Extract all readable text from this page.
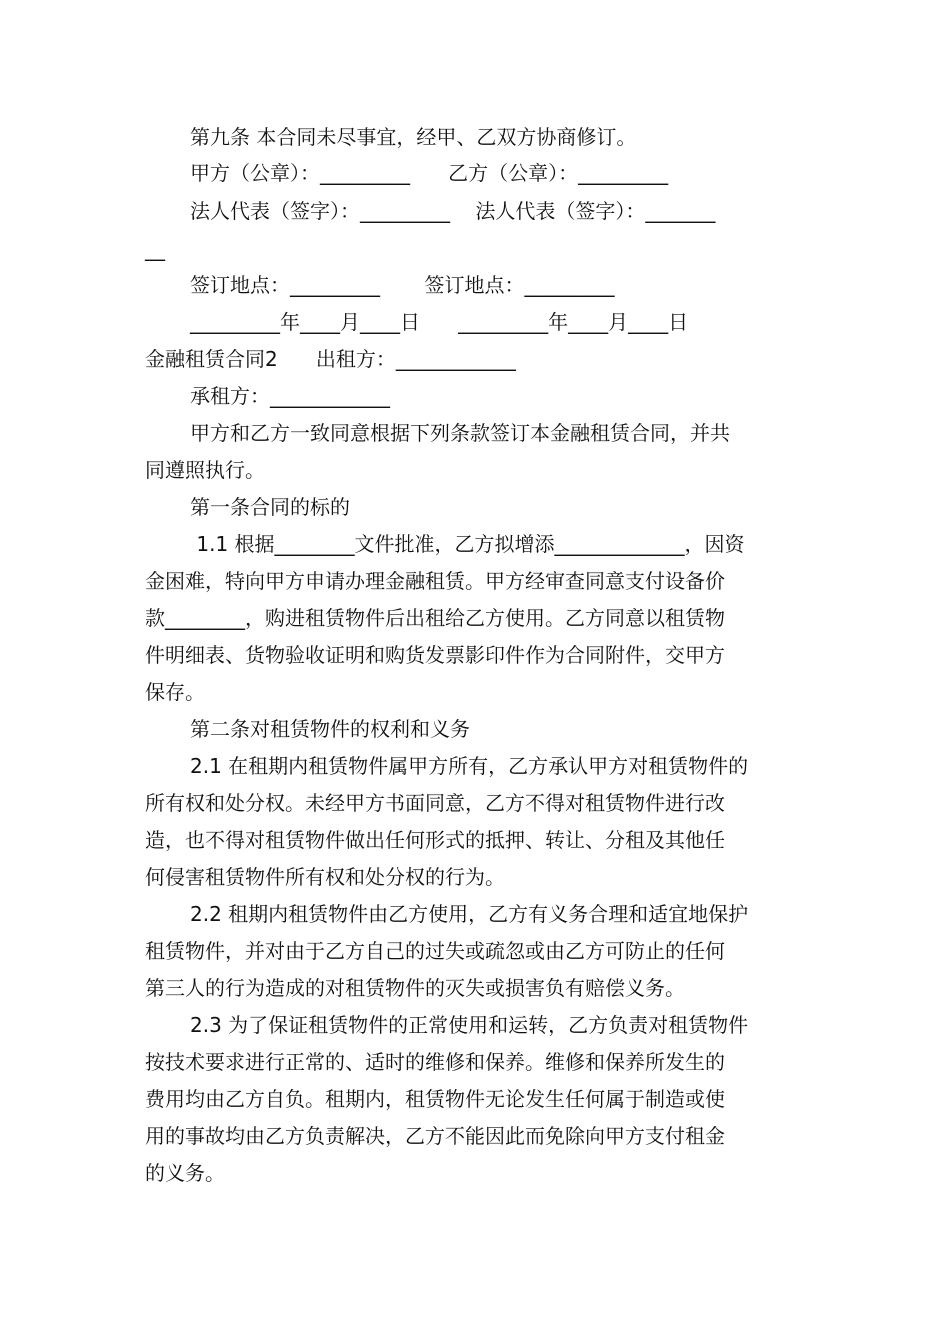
第九条 本合同未尽事宜，经甲、乙双方协商修订。
甲方（公章）：_________      乙方（公章）：_________
法人代表（签字）：_________    法人代表（签字）：_______
__
签订地点：_________       签订地点：_________
_________年____月____日      _________年____月____日
金融租赁合同2      出租方：____________
承租方：____________
甲方和乙方一致同意根据下列条款签订本金融租赁合同，并共
同遵照执行。
第一条合同的标的
1.1 根据________文件批准，乙方拟增添_____________，因资
金困难，特向甲方申请办理金融租赁。甲方经审查同意支付设备价
款________，购进租赁物件后出租给乙方使用。乙方同意以租赁物
件明细表、货物验收证明和购货发票影印件作为合同附件，交甲方
保存。
第二条对租赁物件的权利和义务
2.1 在租期内租赁物件属甲方所有，乙方承认甲方对租赁物件的
所有权和处分权。未经甲方书面同意，乙方不得对租赁物件进行改
造，也不得对租赁物件做出任何形式的抵押、转让、分租及其他任
何侵害租赁物件所有权和处分权的行为。
2.2 租期内租赁物件由乙方使用，乙方有义务合理和适宜地保护
租赁物件，并对由于乙方自己的过失或疏忽或由乙方可防止的任何
第三人的行为造成的对租赁物件的灭失或损害负有赔偿义务。
2.3 为了保证租赁物件的正常使用和运转，乙方负责对租赁物件
按技术要求进行正常的、适时的维修和保养。维修和保养所发生的
费用均由乙方自负。租期内，租赁物件无论发生任何属于制造或使
用的事故均由乙方负责解决，乙方不能因此而免除向甲方支付租金
的义务。
